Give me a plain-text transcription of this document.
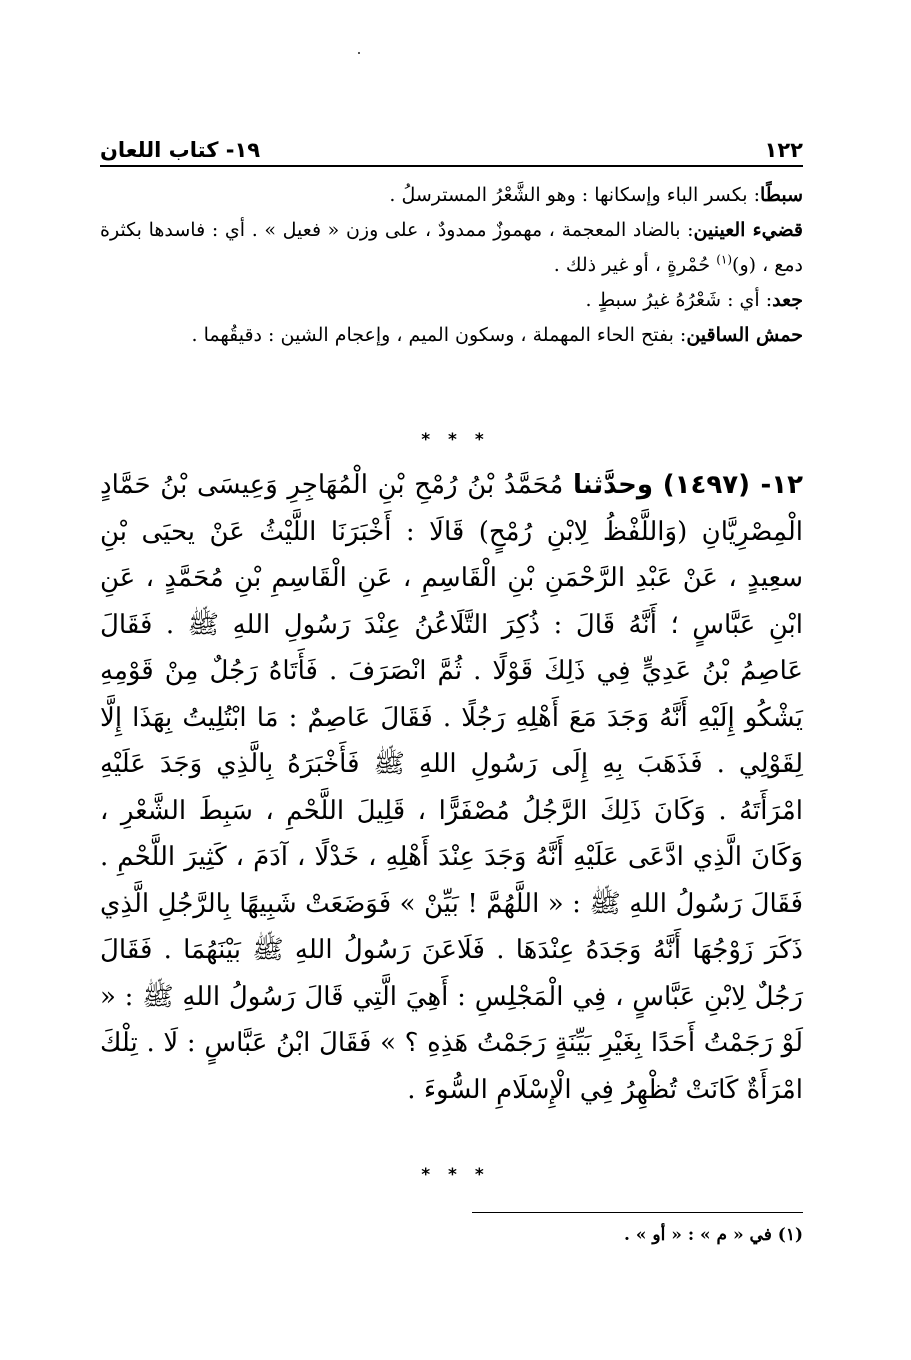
١٢٢
١٩- كتاب اللعان

سبطًا: بكسر الباء وإسكانها : وهو الشَّعْرُ المسترسلُ .

قضيء العينين: بالضاد المعجمة ، مهموزٌ ممدودٌ ، على وزن « فعيل » . أي : فاسدها بكثرة دمع ، (و)$^{(١)}$ حُمْرةٍ ، أو غير ذلك .

جعد: أي : شَعْرُهُ غيرُ سبطٍ .

حمش الساقين: بفتح الحاء المهملة ، وسكون الميم ، وإعجام الشين : دقيقُهما .

* * *

١٢- (١٤٩٧) وحدَّثنا مُحَمَّدُ بْنُ رُمْحِ بْنِ الْمُهَاجِرِ وَعِيسَى بْنُ حَمَّادٍ الْمِصْرِيَّانِ (وَاللَّفْظُ لِابْنِ رُمْحٍ) قَالَا : أَخْبَرَنَا اللَّيْثُ عَنْ يحيَى بْنِ سعِيدٍ ، عَنْ عَبْدِ الرَّحْمَنِ بْنِ الْقَاسِمِ ، عَنِ الْقَاسِمِ بْنِ مُحَمَّدٍ ، عَنِ ابْنِ عَبَّاسٍ ؛ أَنَّهُ قَالَ : ذُكِرَ التَّلَاعُنُ عِنْدَ رَسُولِ اللهِ ﷺ . فَقَالَ عَاصِمُ بْنُ عَدِيٍّ فِي ذَلِكَ قَوْلًا . ثُمَّ انْصَرَفَ . فَأَتَاهُ رَجُلٌ مِنْ قَوْمِهِ يَشْكُو إِلَيْهِ أَنَّهُ وَجَدَ مَعَ أَهْلِهِ رَجُلًا . فَقَالَ عَاصِمٌ : مَا ابْتُلِيتُ بِهَذَا إِلَّا لِقَوْلِي . فَذَهَبَ بِهِ إِلَى رَسُولِ اللهِ ﷺ فَأَخْبَرَهُ بِالَّذِي وَجَدَ عَلَيْهِ امْرَأَتَهُ . وَكَانَ ذَلِكَ الرَّجُلُ مُصْفَرًّا ، قَلِيلَ اللَّحْمِ ، سَبِطَ الشَّعْرِ ، وَكَانَ الَّذِي ادَّعَى عَلَيْهِ أَنَّهُ وَجَدَ عِنْدَ أَهْلِهِ ، خَدْلًا ، آدَمَ ، كَثِيرَ اللَّحْمِ . فَقَالَ رَسُولُ اللهِ ﷺ : « اللَّهُمَّ ! بَيِّنْ » فَوَضَعَتْ شَبِيهًا بِالرَّجُلِ الَّذِي ذَكَرَ زَوْجُهَا أَنَّهُ وَجَدَهُ عِنْدَهَا . فَلَاعَنَ رَسُولُ اللهِ ﷺ بَيْنَهُمَا . فَقَالَ رَجُلٌ لِابْنِ عَبَّاسٍ ، فِي الْمَجْلِسِ : أَهِيَ الَّتِي قَالَ رَسُولُ اللهِ ﷺ : « لَوْ رَجَمْتُ أَحَدًا بِغَيْرِ بَيِّنَةٍ رَجَمْتُ هَذِهِ ؟ » فَقَالَ ابْنُ عَبَّاسٍ : لَا . تِلْكَ امْرَأَةٌ كَانَتْ تُظْهِرُ فِي الْإِسْلَامِ السُّوءَ .

* * *
(١) في « م » : « أو » .
